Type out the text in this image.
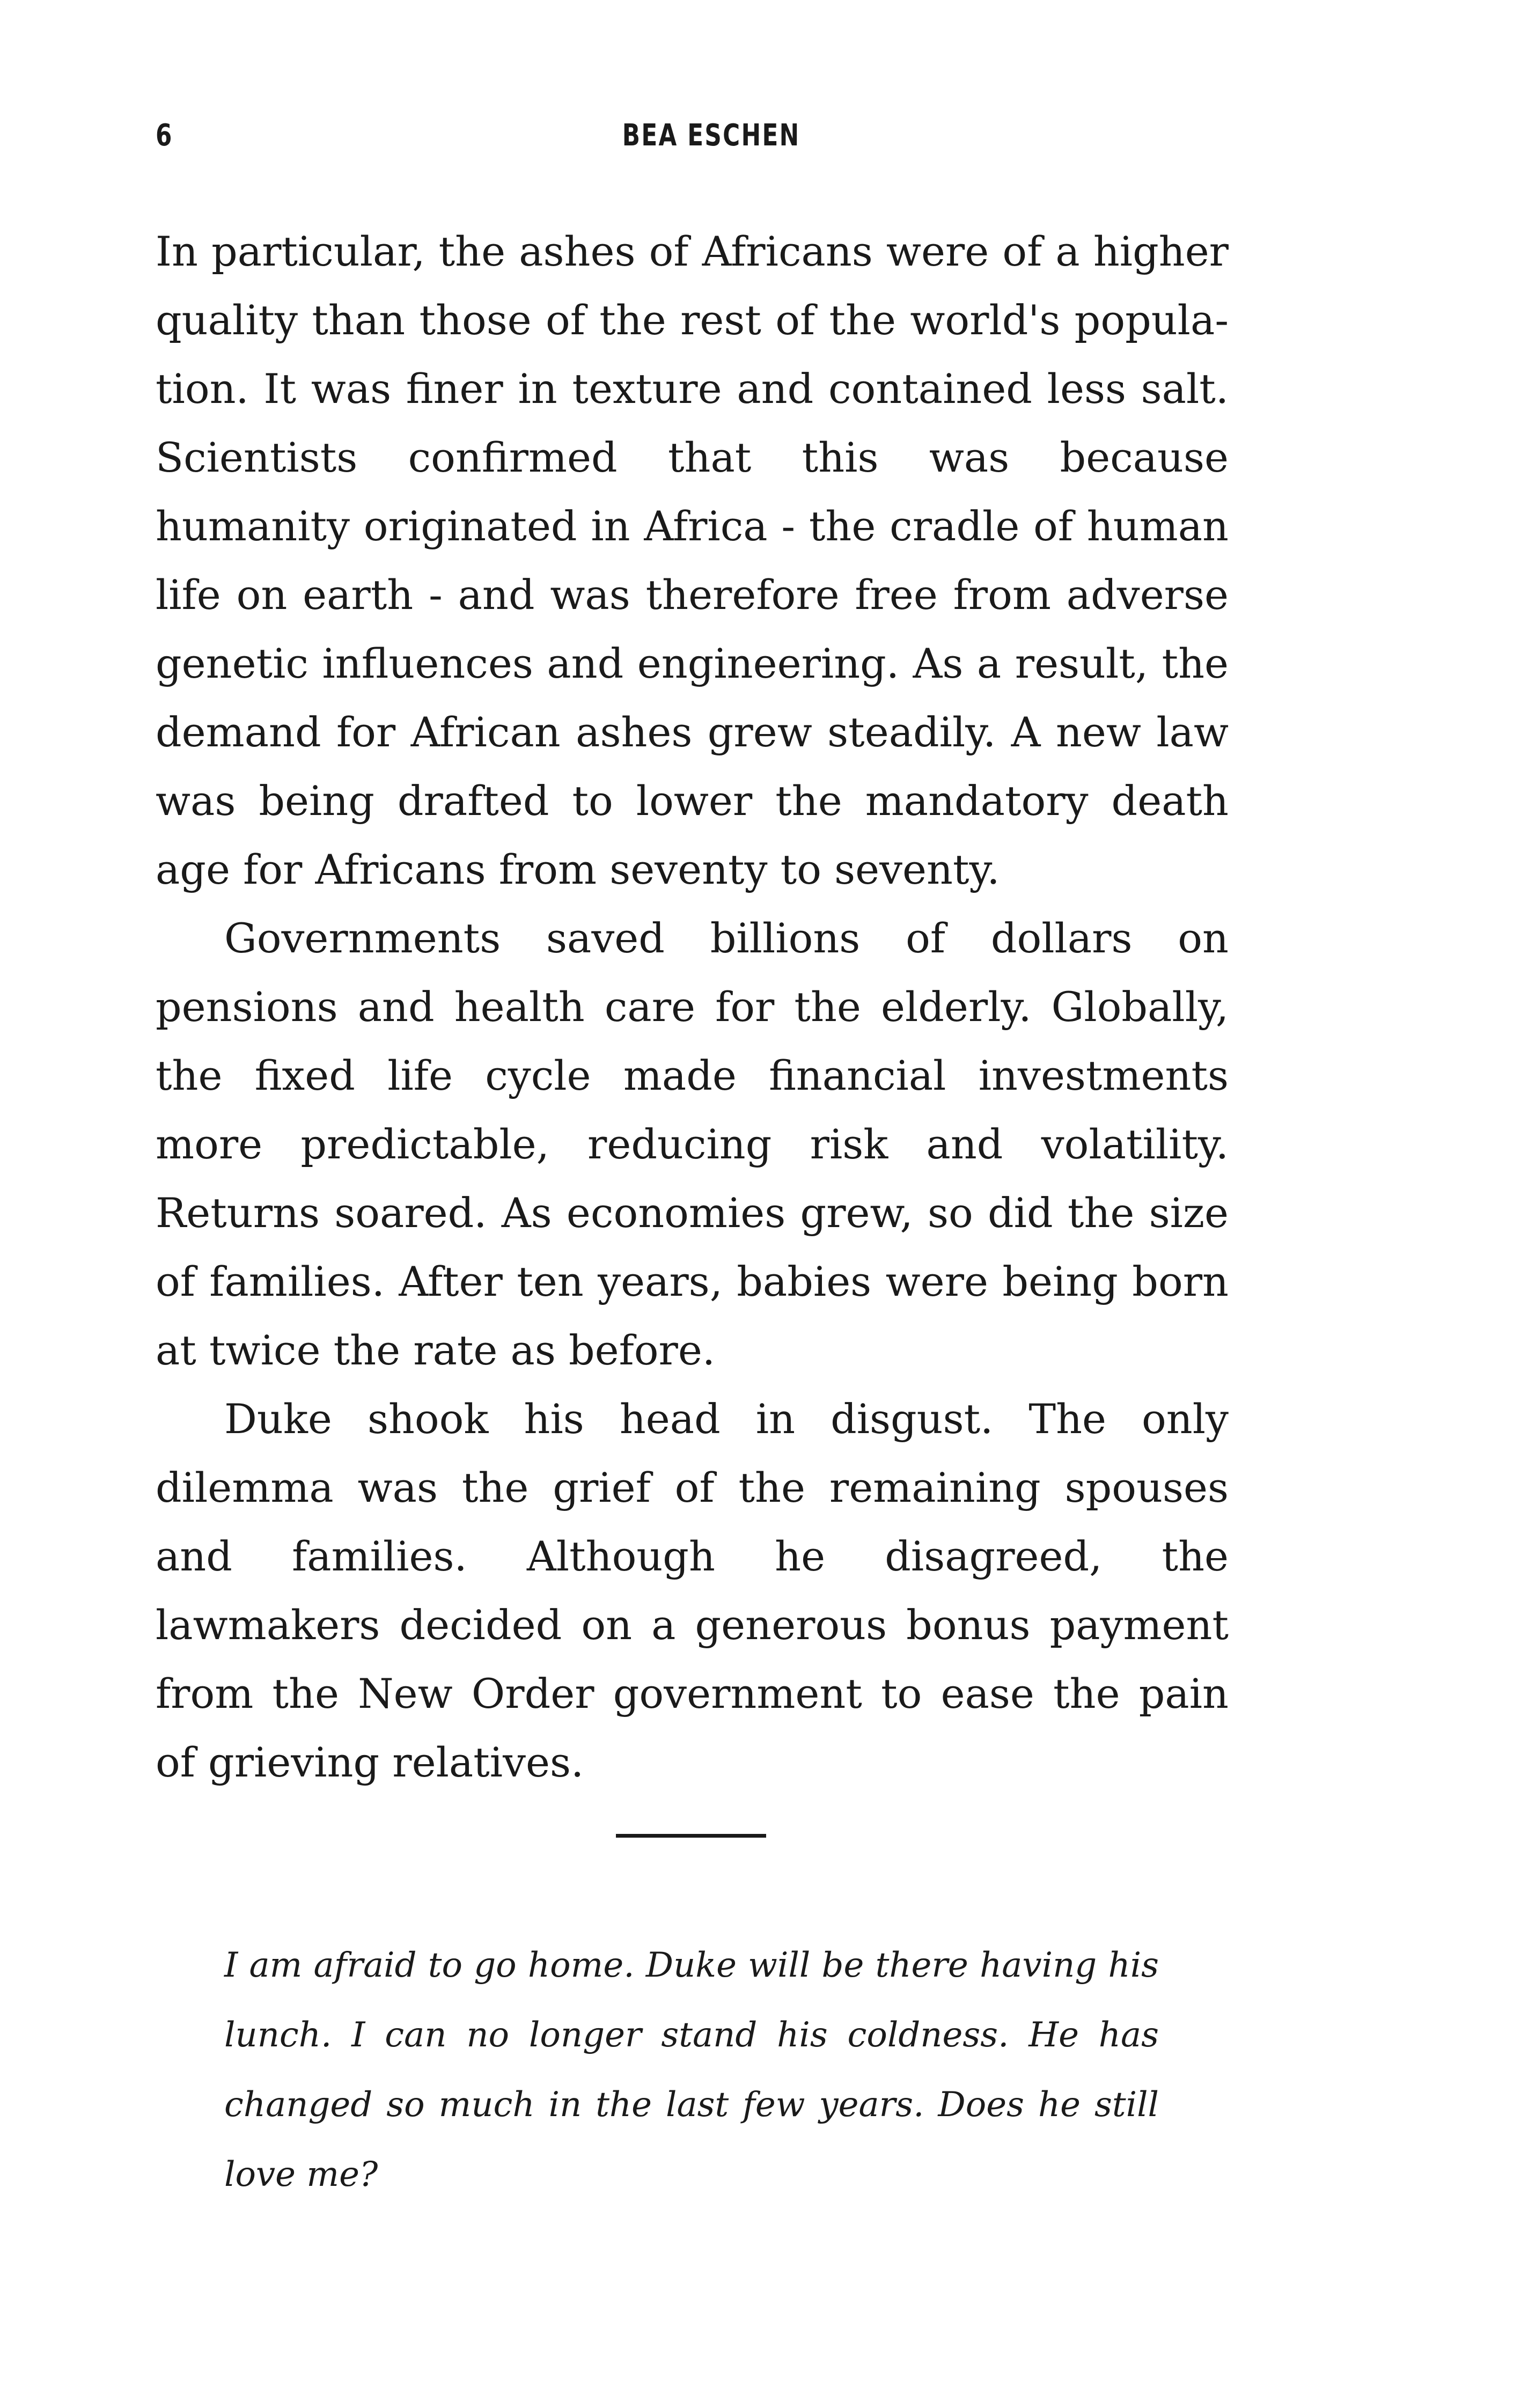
6	BEA ESCHEN

In particular, the ashes of Africans were of a higher quality than those of the rest of the world's population. It was finer in texture and contained less salt. Scientists confirmed that this was because humanity originated in Africa - the cradle of human life on earth - and was therefore free from adverse genetic influences and engineering. As a result, the demand for African ashes grew steadily. A new law was being drafted to lower the mandatory death age for Africans from seventy to seventy.

Governments saved billions of dollars on pensions and health care for the elderly. Globally, the fixed life cycle made financial investments more predictable, reducing risk and volatility. Returns soared. As economies grew, so did the size of families. After ten years, babies were being born at twice the rate as before.

Duke shook his head in disgust. The only dilemma was the grief of the remaining spouses and families. Although he disagreed, the lawmakers decided on a generous bonus payment from the New Order government to ease the pain of grieving relatives.

I am afraid to go home. Duke will be there having his lunch. I can no longer stand his coldness. He has changed so much in the last few years. Does he still love me?
